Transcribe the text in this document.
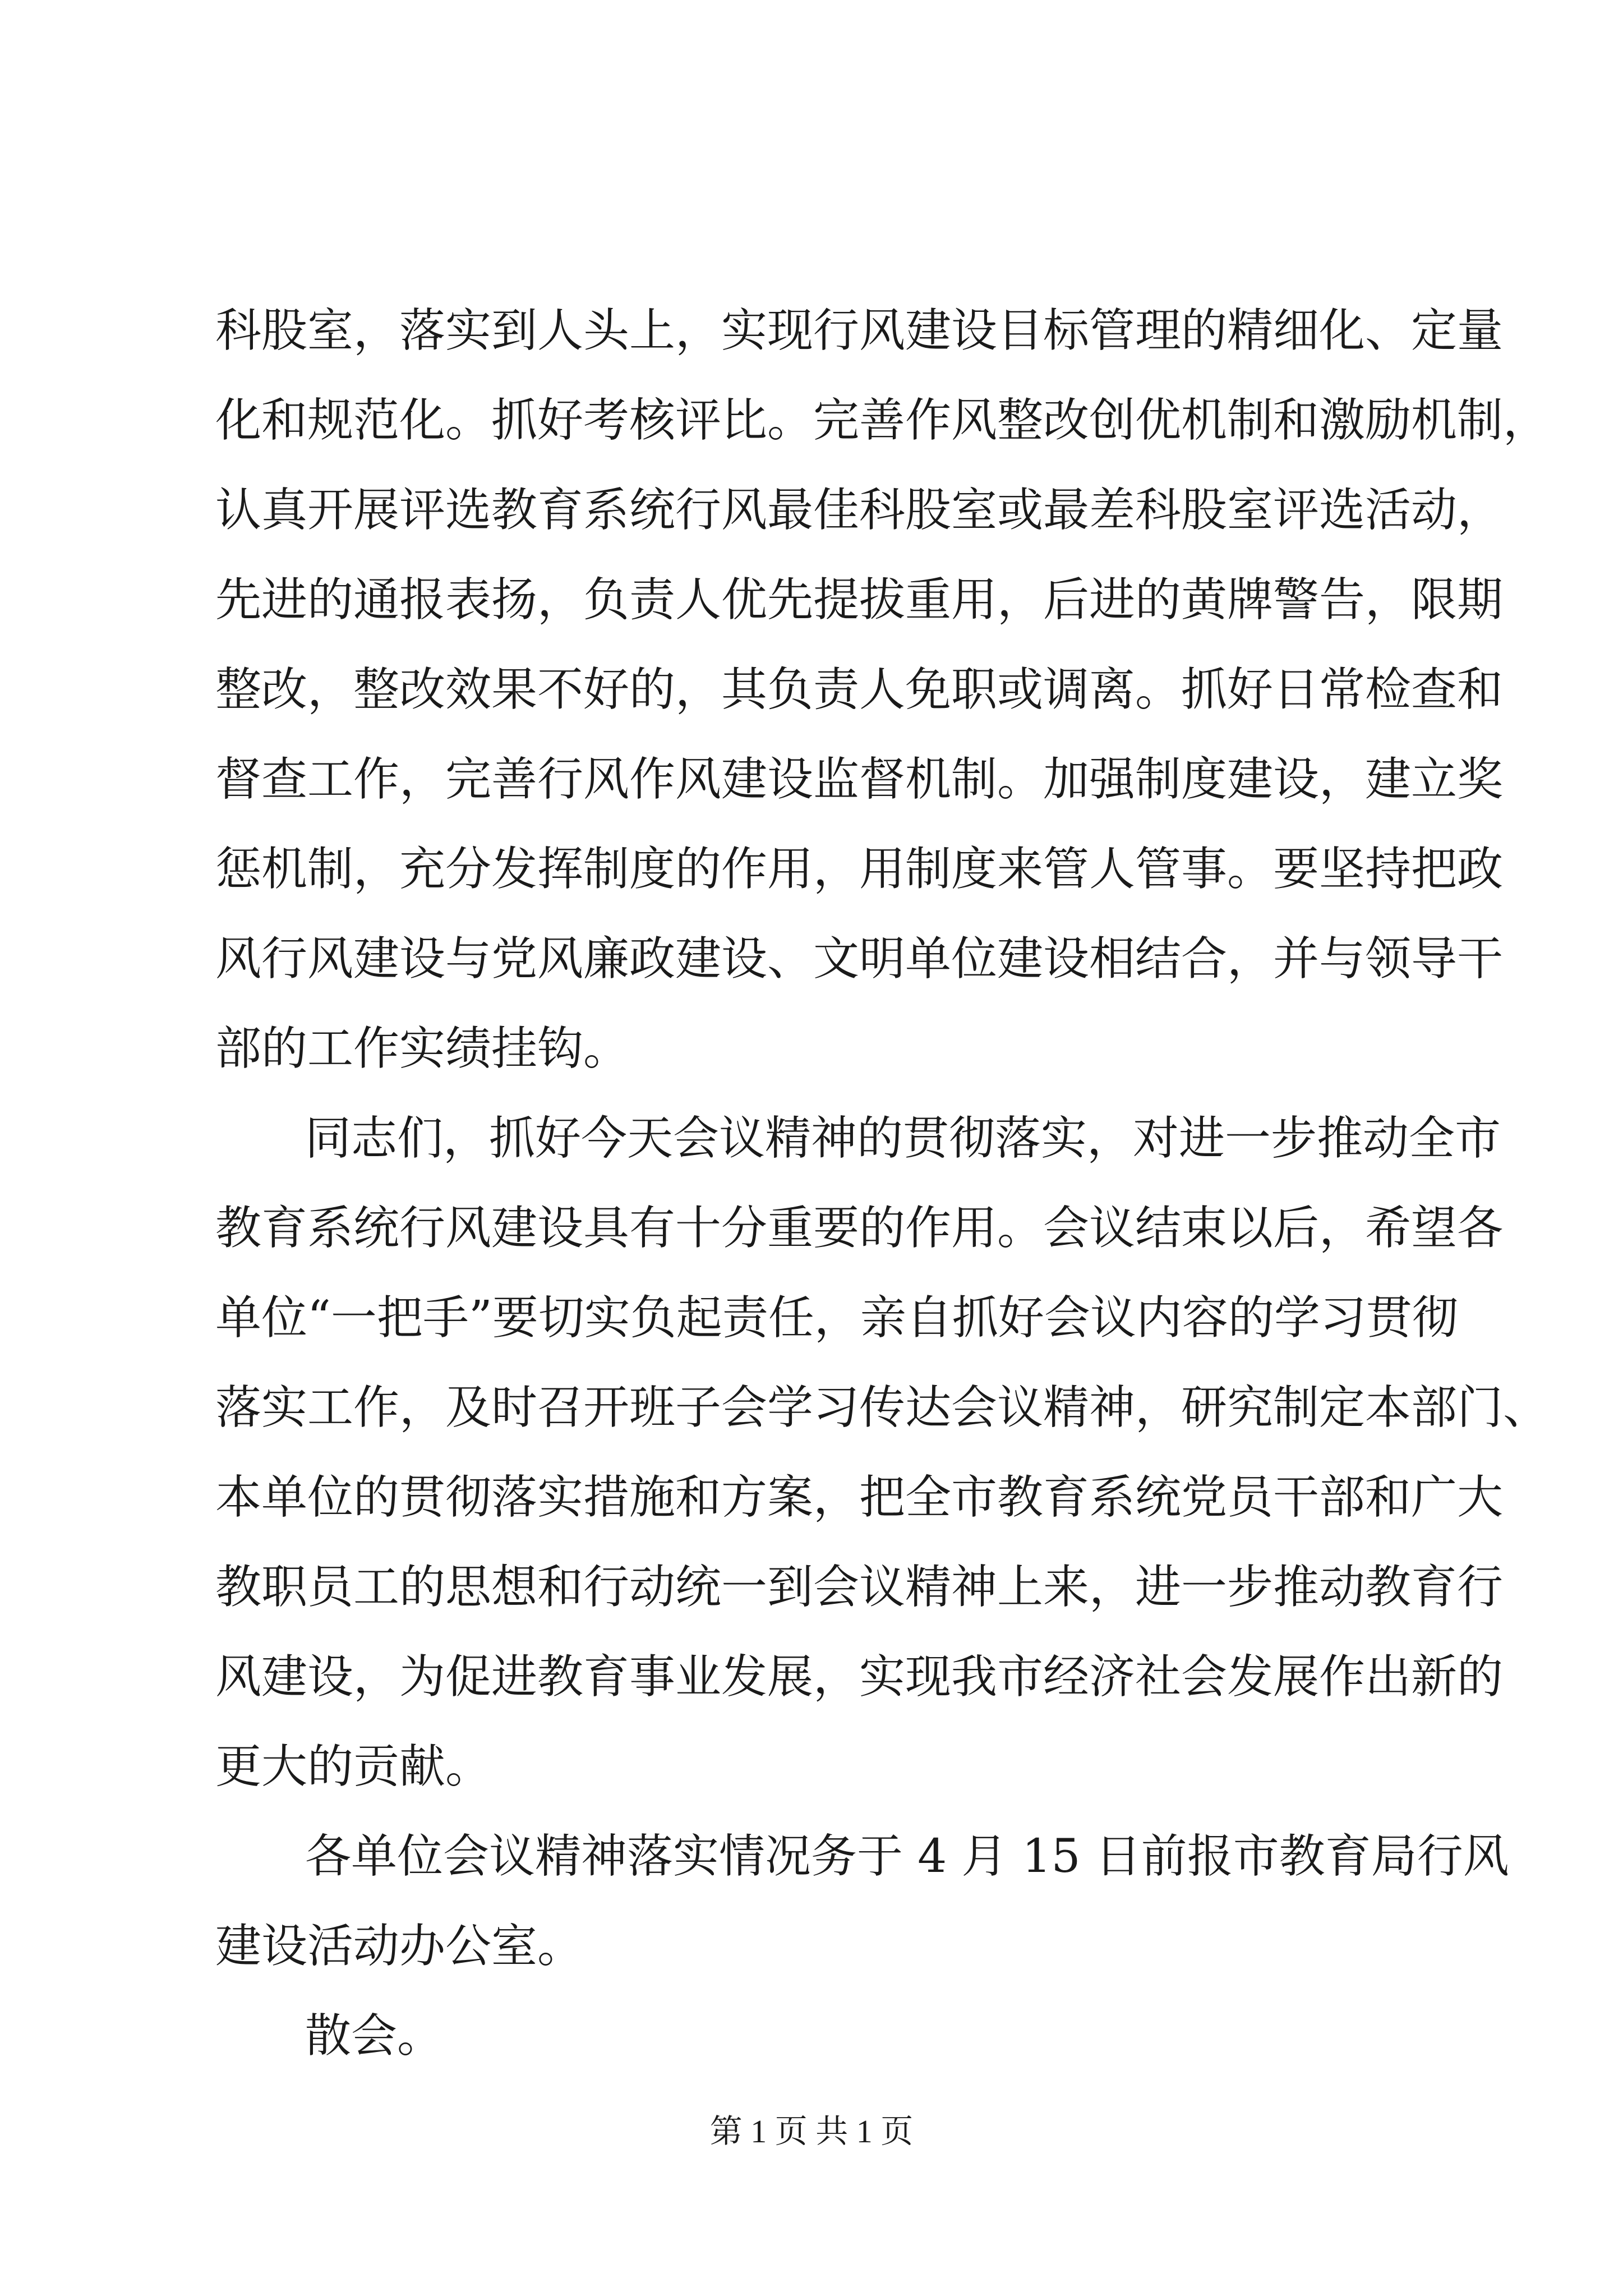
科股室，落实到人头上，实现行风建设目标管理的精细化、定量
化和规范化。抓好考核评比。完善作风整改创优机制和激励机制，
认真开展评选教育系统行风最佳科股室或最差科股室评选活动，
先进的通报表扬，负责人优先提拔重用，后进的黄牌警告，限期
整改，整改效果不好的，其负责人免职或调离。抓好日常检查和
督查工作，完善行风作风建设监督机制。加强制度建设，建立奖
惩机制，充分发挥制度的作用，用制度来管人管事。要坚持把政
风行风建设与党风廉政建设、文明单位建设相结合，并与领导干
部的工作实绩挂钩。
同志们，抓好今天会议精神的贯彻落实，对进一步推动全市
教育系统行风建设具有十分重要的作用。会议结束以后，希望各
单位“一把手”要切实负起责任，亲自抓好会议内容的学习贯彻
落实工作，及时召开班子会学习传达会议精神，研究制定本部门、
本单位的贯彻落实措施和方案，把全市教育系统党员干部和广大
教职员工的思想和行动统一到会议精神上来，进一步推动教育行
风建设，为促进教育事业发展，实现我市经济社会发展作出新的
更大的贡献。
各单位会议精神落实情况务于 4 月 15 日前报市教育局行风
建设活动办公室。
散会。
第 1 页 共 1 页
